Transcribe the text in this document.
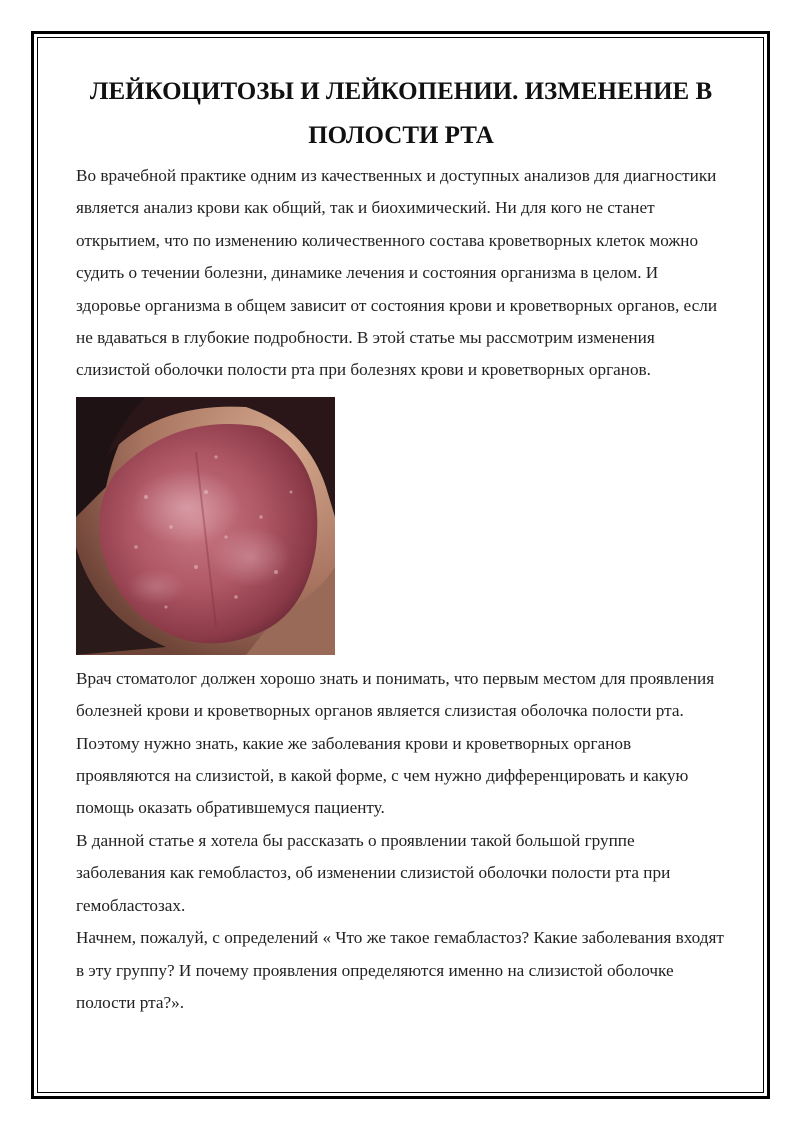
ЛЕЙКОЦИТОЗЫ И ЛЕЙКОПЕНИИ. ИЗМЕНЕНИЕ В ПОЛОСТИ РТА

Во врачебной практике одним из качественных и доступных анализов для диагностики является анализ крови как общий, так и биохимический. Ни для кого не станет открытием, что по изменению количественного состава кроветворных клеток можно судить о течении болезни, динамике лечения и состояния организма в целом. И здоровье организма в общем зависит от состояния крови и кроветворных органов, если не вдаваться в глубокие подробности. В этой статье мы рассмотрим изменения слизистой оболочки полости рта при болезнях крови и кроветворных органов.

Врач стоматолог должен хорошо знать и понимать, что первым местом для проявления болезней крови и кроветворных органов является слизистая оболочка полости рта. Поэтому нужно знать, какие же заболевания крови и кроветворных органов проявляются на слизистой, в какой форме, с чем нужно дифференцировать и какую помощь оказать обратившемуся пациенту.

В данной статье я хотела бы рассказать о проявлении такой большой группе заболевания как гемобластоз, об изменении слизистой оболочки полости рта при гемобластозах.

Начнем, пожалуй, с определений « Что же такое гемабластоз? Какие заболевания входят в эту группу? И почему проявления определяются именно на слизистой оболочке полости рта?».
